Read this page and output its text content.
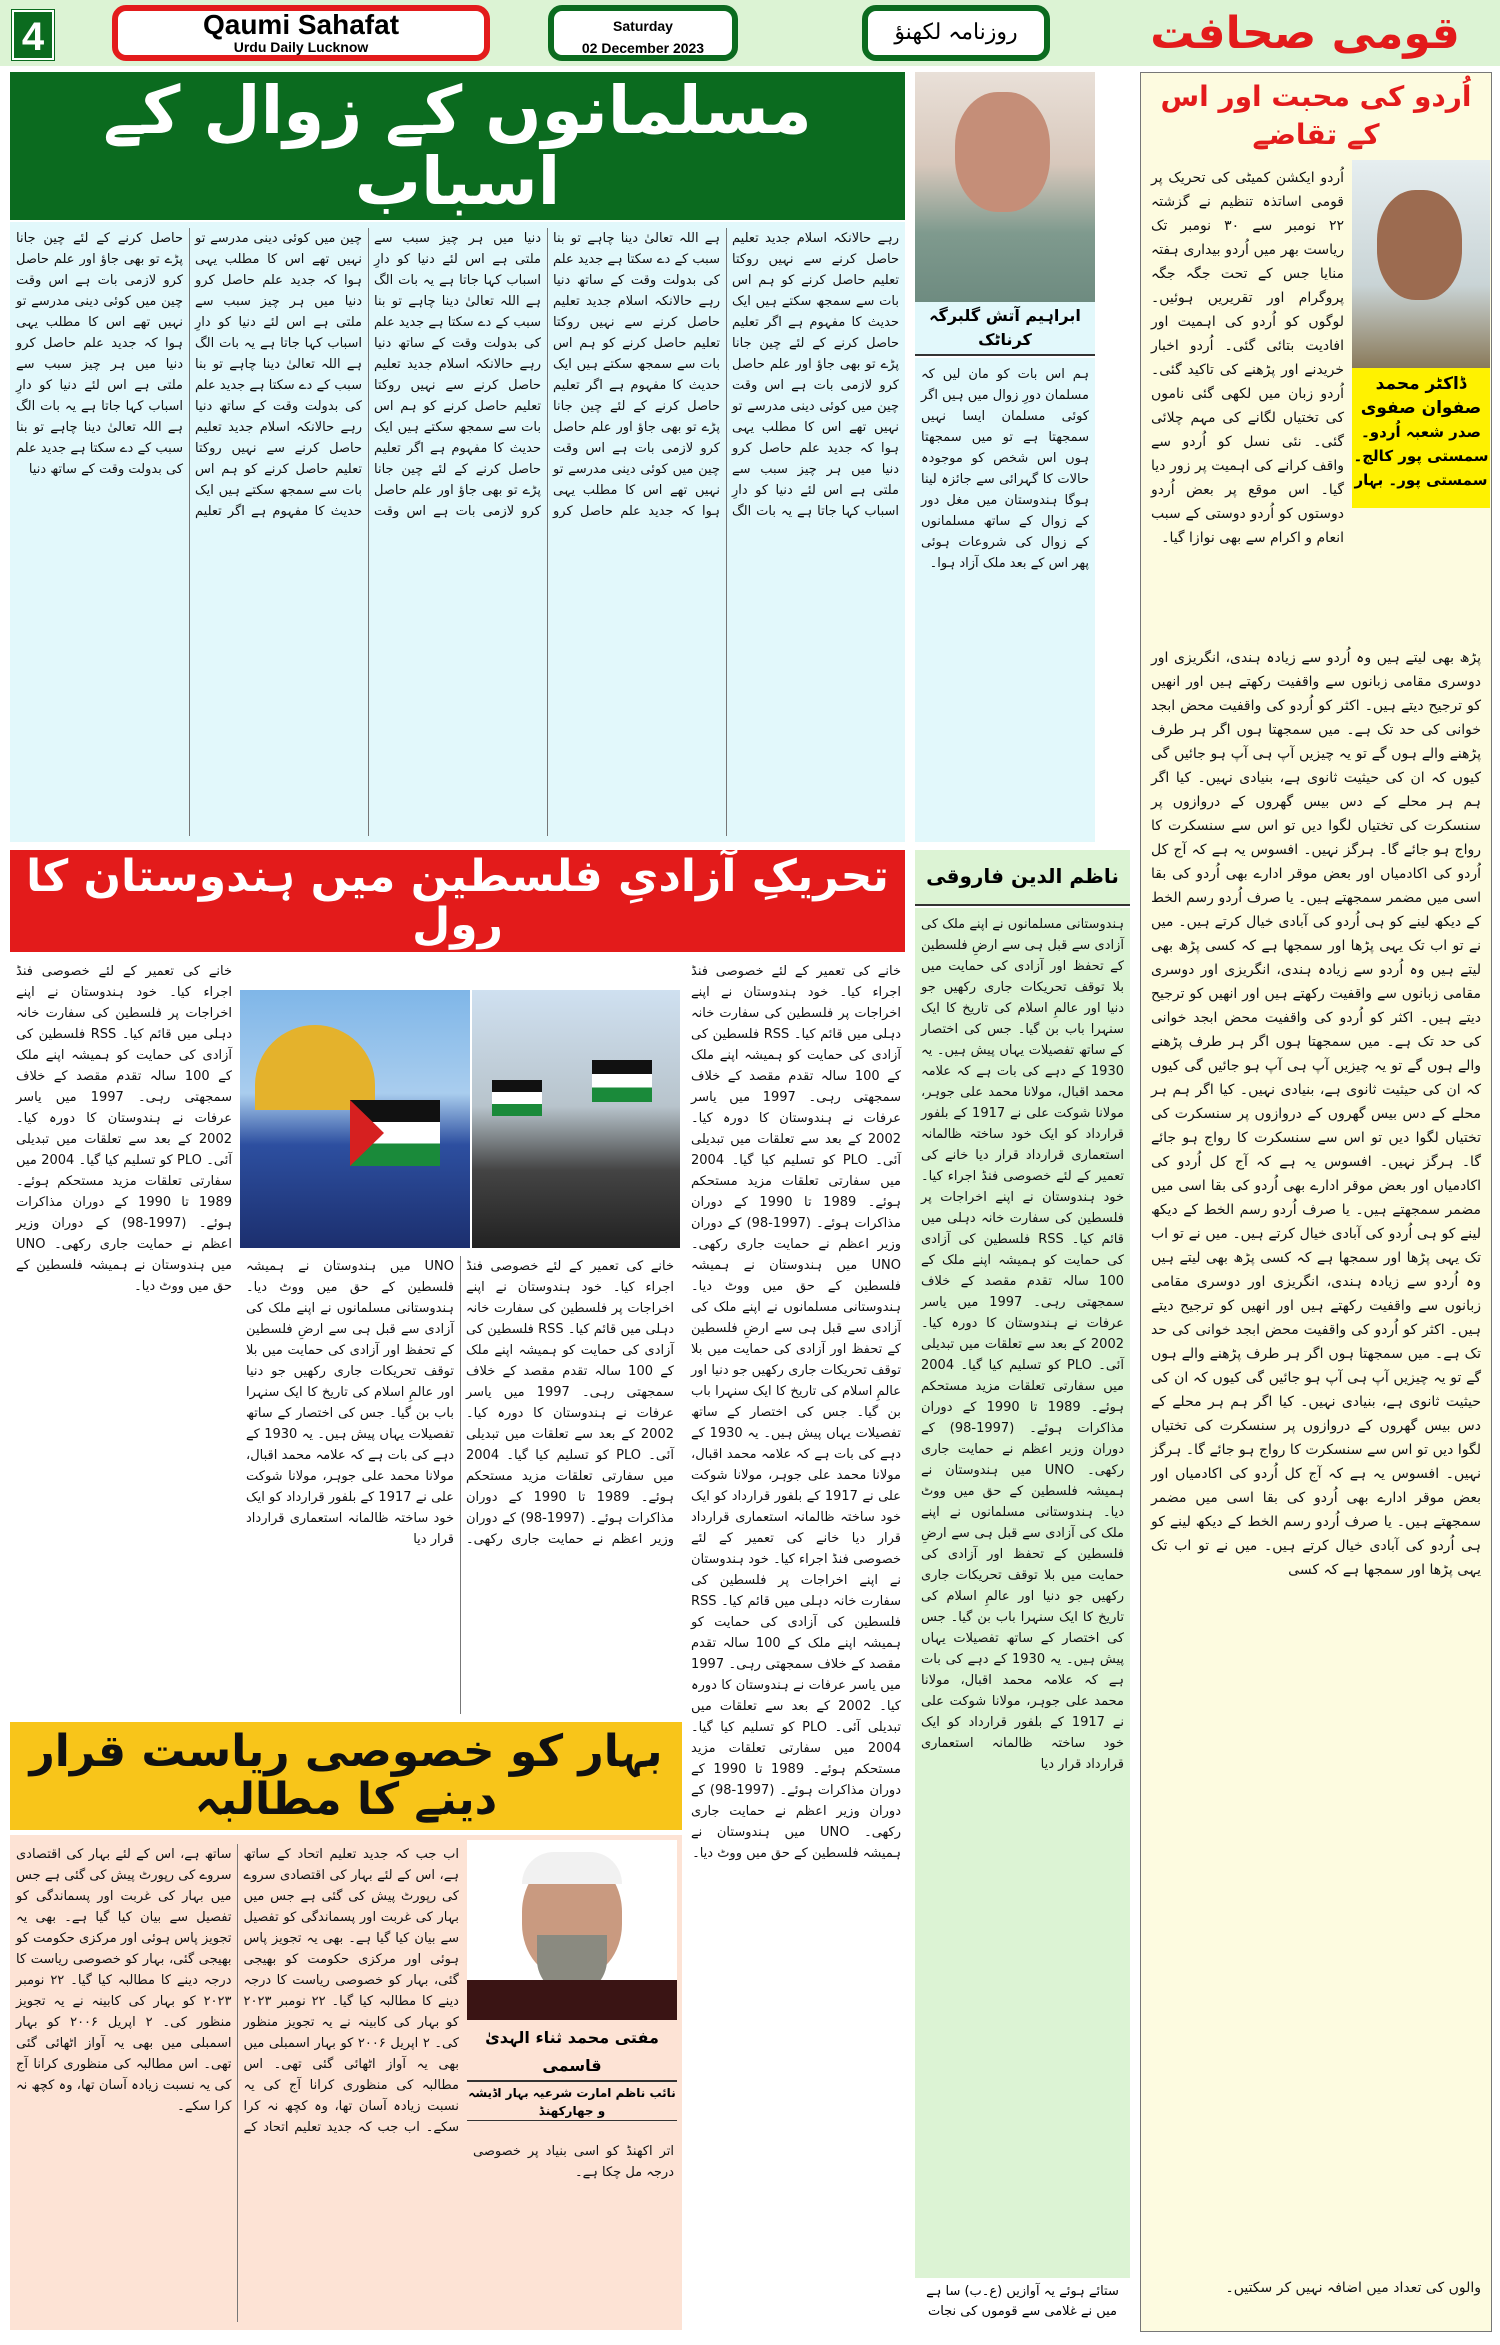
4	Qaumi Sahafat
Urdu Daily Lucknow
Saturday
02 December 2023
روزنامہ لکھنؤ	قومی صحافت
مسلمانوں کے زوال کے اسباب
رہے حالانکہ اسلام جدید تعلیم حاصل کرنے سے نہیں روکتا تعلیم حاصل کرنے کو ہم اس بات سے سمجھ سکتے ہیں ایک حدیث کا مفہوم ہے اگر تعلیم حاصل کرنے کے لئے چین جانا پڑے تو بھی جاؤ اور علم حاصل کرو لازمی بات ہے اس وقت چین میں کوئی دینی مدرسے تو نہیں تھے اس کا مطلب یہی ہوا کہ جدید علم حاصل کرو دنیا میں ہر چیز سبب سے ملتی ہے اس لئے دنیا کو دارِ اسباب کہا جاتا ہے یہ بات الگ ہے اللہ تعالیٰ دینا چاہے تو بنا سبب کے دے سکتا ہے جدید علم کی بدولت وقت کے ساتھ دنیا رہے حالانکہ اسلام جدید تعلیم حاصل کرنے سے نہیں روکتا تعلیم حاصل کرنے کو ہم اس بات سے سمجھ سکتے ہیں ایک حدیث کا مفہوم ہے اگر تعلیم حاصل کرنے کے لئے چین جانا پڑے تو بھی جاؤ اور علم حاصل کرو لازمی بات ہے اس وقت چین میں کوئی دینی مدرسے تو نہیں تھے اس کا مطلب یہی ہوا کہ جدید علم حاصل کرو دنیا میں ہر چیز سبب سے ملتی ہے اس لئے دنیا کو دارِ اسباب کہا جاتا ہے یہ بات الگ ہے اللہ تعالیٰ دینا چاہے تو بنا سبب کے دے سکتا ہے جدید علم کی بدولت وقت کے ساتھ دنیا رہے حالانکہ اسلام جدید تعلیم حاصل کرنے سے نہیں روکتا تعلیم حاصل کرنے کو ہم اس بات سے سمجھ سکتے ہیں ایک حدیث کا مفہوم ہے اگر تعلیم حاصل کرنے کے لئے چین جانا پڑے تو بھی جاؤ اور علم حاصل کرو لازمی بات ہے اس وقت چین میں کوئی دینی مدرسے تو نہیں تھے اس کا مطلب یہی ہوا کہ جدید علم حاصل کرو دنیا میں ہر چیز سبب سے ملتی ہے اس لئے دنیا کو دارِ اسباب کہا جاتا ہے یہ بات الگ ہے اللہ تعالیٰ دینا چاہے تو بنا سبب کے دے سکتا ہے جدید علم کی بدولت وقت کے ساتھ دنیا رہے حالانکہ اسلام جدید تعلیم حاصل کرنے سے نہیں روکتا تعلیم حاصل کرنے کو ہم اس بات سے سمجھ سکتے ہیں ایک حدیث کا مفہوم ہے اگر تعلیم حاصل کرنے کے لئے چین جانا پڑے تو بھی جاؤ اور علم حاصل کرو لازمی بات ہے اس وقت چین میں کوئی دینی مدرسے تو نہیں تھے اس کا مطلب یہی ہوا کہ جدید علم حاصل کرو دنیا میں ہر چیز سبب سے ملتی ہے اس لئے دنیا کو دارِ اسباب کہا جاتا ہے یہ بات الگ ہے اللہ تعالیٰ دینا چاہے تو بنا سبب کے دے سکتا ہے جدید علم کی بدولت وقت کے ساتھ دنیا
ابراہیم آتش گلبرگہ کرناٹک
ہم اس بات کو مان لیں کہ مسلمان دورِ زوال میں ہیں اگر کوئی مسلمان ایسا نہیں سمجھتا ہے تو میں سمجھتا ہوں اس شخص کو موجودہ حالات کا گہرائی سے جائزہ لینا ہوگا ہندوستان میں مغل دور کے زوال کے ساتھ مسلمانوں کے زوال کی شروعات ہوئی پھر اس کے بعد ملک آزاد ہوا۔
اُردو کی محبت اور اس کے تقاضے
ڈاکٹر محمد صفوان صفوی
صدر شعبہ اُردو۔ سمستی پور کالج۔ سمستی پور۔ بہار
اُردو ایکشن کمیٹی کی تحریک پر قومی اساتذہ تنظیم نے گزشتہ ۲۲ نومبر سے ۳۰ نومبر تک ریاست بھر میں اُردو بیداری ہفتہ منایا جس کے تحت جگہ جگہ پروگرام اور تقریریں ہوئیں۔ لوگوں کو اُردو کی اہمیت اور افادیت بتائی گئی۔ اُردو اخبار خریدنے اور پڑھنے کی تاکید گئی۔ اُردو زبان میں لکھی گئی ناموں کی تختیاں لگانے کی مہم چلائی گئی۔ نئی نسل کو اُردو سے واقف کرانے کی اہمیت پر زور دیا گیا۔ اس موقع پر بعض اُردو دوستوں کو اُردو دوستی کے سبب انعام و اکرام سے بھی نوازا گیا۔
پڑھ بھی لیتے ہیں وہ اُردو سے زیادہ ہندی، انگریزی اور دوسری مقامی زبانوں سے واقفیت رکھتے ہیں اور انھیں کو ترجیح دیتے ہیں۔ اکثر کو اُردو کی واقفیت محض ابجد خوانی کی حد تک ہے۔ میں سمجھتا ہوں اگر ہر طرف پڑھنے والے ہوں گے تو یہ چیزیں آپ ہی آپ ہو جائیں گی کیوں کہ ان کی حیثیت ثانوی ہے، بنیادی نہیں۔ کیا اگر ہم ہر محلے کے دس بیس گھروں کے دروازوں پر سنسکرت کی تختیاں لگوا دیں تو اس سے سنسکرت کا رواج ہو جائے گا۔ ہرگز نہیں۔ افسوس یہ ہے کہ آج کل اُردو کی اکادمیاں اور بعض موقر ادارے بھی اُردو کی بقا اسی میں مضمر سمجھتے ہیں۔ یا صرف اُردو رسم الخط کے دیکھ لینے کو ہی اُردو کی آبادی خیال کرتے ہیں۔ میں نے تو اب تک یہی پڑھا اور سمجھا ہے کہ کسی پڑھ بھی لیتے ہیں وہ اُردو سے زیادہ ہندی، انگریزی اور دوسری مقامی زبانوں سے واقفیت رکھتے ہیں اور انھیں کو ترجیح دیتے ہیں۔ اکثر کو اُردو کی واقفیت محض ابجد خوانی کی حد تک ہے۔ میں سمجھتا ہوں اگر ہر طرف پڑھنے والے ہوں گے تو یہ چیزیں آپ ہی آپ ہو جائیں گی کیوں کہ ان کی حیثیت ثانوی ہے، بنیادی نہیں۔ کیا اگر ہم ہر محلے کے دس بیس گھروں کے دروازوں پر سنسکرت کی تختیاں لگوا دیں تو اس سے سنسکرت کا رواج ہو جائے گا۔ ہرگز نہیں۔ افسوس یہ ہے کہ آج کل اُردو کی اکادمیاں اور بعض موقر ادارے بھی اُردو کی بقا اسی میں مضمر سمجھتے ہیں۔ یا صرف اُردو رسم الخط کے دیکھ لینے کو ہی اُردو کی آبادی خیال کرتے ہیں۔ میں نے تو اب تک یہی پڑھا اور سمجھا ہے کہ کسی پڑھ بھی لیتے ہیں وہ اُردو سے زیادہ ہندی، انگریزی اور دوسری مقامی زبانوں سے واقفیت رکھتے ہیں اور انھیں کو ترجیح دیتے ہیں۔ اکثر کو اُردو کی واقفیت محض ابجد خوانی کی حد تک ہے۔ میں سمجھتا ہوں اگر ہر طرف پڑھنے والے ہوں گے تو یہ چیزیں آپ ہی آپ ہو جائیں گی کیوں کہ ان کی حیثیت ثانوی ہے، بنیادی نہیں۔ کیا اگر ہم ہر محلے کے دس بیس گھروں کے دروازوں پر سنسکرت کی تختیاں لگوا دیں تو اس سے سنسکرت کا رواج ہو جائے گا۔ ہرگز نہیں۔ افسوس یہ ہے کہ آج کل اُردو کی اکادمیاں اور بعض موقر ادارے بھی اُردو کی بقا اسی میں مضمر سمجھتے ہیں۔ یا صرف اُردو رسم الخط کے دیکھ لینے کو ہی اُردو کی آبادی خیال کرتے ہیں۔ میں نے تو اب تک یہی پڑھا اور سمجھا ہے کہ کسی
والوں کی تعداد میں اضافہ نہیں کر سکتیں۔
تحریکِ آزادیِ فلسطین میں ہندوستان کا رول
ناظم الدین فاروقی
ہندوستانی مسلمانوں نے اپنے ملک کی آزادی سے قبل ہی سے ارضِ فلسطین کے تحفظ اور آزادی کی حمایت میں بلا توقف تحریکات جاری رکھیں جو دنیا اور عالمِ اسلام کی تاریخ کا ایک سنہرا باب بن گیا۔ جس کی اختصار کے ساتھ تفصیلات یہاں پیش ہیں۔ یہ 1930 کے دہے کی بات ہے کہ علامہ محمد اقبال، مولانا محمد علی جوہر، مولانا شوکت علی نے 1917 کے بلفور قرارداد کو ایک خود ساختہ ظالمانہ استعماری قرارداد قرار دیا خانے کی تعمیر کے لئے خصوصی فنڈ اجراء کیا۔ خود ہندوستان نے اپنے اخراجات پر فلسطین کی سفارت خانہ دہلی میں قائم کیا۔ RSS فلسطین کی آزادی کی حمایت کو ہمیشہ اپنے ملک کے 100 سالہ تقدم مقصد کے خلاف سمجھتی رہی۔ 1997 میں یاسر عرفات نے ہندوستان کا دورہ کیا۔ 2002 کے بعد سے تعلقات میں تبدیلی آئی۔ PLO کو تسلیم کیا گیا۔ 2004 میں سفارتی تعلقات مزید مستحکم ہوئے۔ 1989 تا 1990 کے دوران مذاکرات ہوئے۔ (1997-98) کے دوران وزیر اعظم نے حمایت جاری رکھی۔ UNO میں ہندوستان نے ہمیشہ فلسطین کے حق میں ووٹ دیا۔ ہندوستانی مسلمانوں نے اپنے ملک کی آزادی سے قبل ہی سے ارضِ فلسطین کے تحفظ اور آزادی کی حمایت میں بلا توقف تحریکات جاری رکھیں جو دنیا اور عالمِ اسلام کی تاریخ کا ایک سنہرا باب بن گیا۔ جس کی اختصار کے ساتھ تفصیلات یہاں پیش ہیں۔ یہ 1930 کے دہے کی بات ہے کہ علامہ محمد اقبال، مولانا محمد علی جوہر، مولانا شوکت علی نے 1917 کے بلفور قرارداد کو ایک خود ساختہ ظالمانہ استعماری قرارداد قرار دیا
خانے کی تعمیر کے لئے خصوصی فنڈ اجراء کیا۔ خود ہندوستان نے اپنے اخراجات پر فلسطین کی سفارت خانہ دہلی میں قائم کیا۔ RSS فلسطین کی آزادی کی حمایت کو ہمیشہ اپنے ملک کے 100 سالہ تقدم مقصد کے خلاف سمجھتی رہی۔ 1997 میں یاسر عرفات نے ہندوستان کا دورہ کیا۔ 2002 کے بعد سے تعلقات میں تبدیلی آئی۔ PLO کو تسلیم کیا گیا۔ 2004 میں سفارتی تعلقات مزید مستحکم ہوئے۔ 1989 تا 1990 کے دوران مذاکرات ہوئے۔ (1997-98) کے دوران وزیر اعظم نے حمایت جاری رکھی۔ UNO میں ہندوستان نے ہمیشہ فلسطین کے حق میں ووٹ دیا۔
خانے کی تعمیر کے لئے خصوصی فنڈ اجراء کیا۔ خود ہندوستان نے اپنے اخراجات پر فلسطین کی سفارت خانہ دہلی میں قائم کیا۔ RSS فلسطین کی آزادی کی حمایت کو ہمیشہ اپنے ملک کے 100 سالہ تقدم مقصد کے خلاف سمجھتی رہی۔ 1997 میں یاسر عرفات نے ہندوستان کا دورہ کیا۔ 2002 کے بعد سے تعلقات میں تبدیلی آئی۔ PLO کو تسلیم کیا گیا۔ 2004 میں سفارتی تعلقات مزید مستحکم ہوئے۔ 1989 تا 1990 کے دوران مذاکرات ہوئے۔ (1997-98) کے دوران وزیر اعظم نے حمایت جاری رکھی۔ UNO میں ہندوستان نے ہمیشہ فلسطین کے حق میں ووٹ دیا۔ ہندوستانی مسلمانوں نے اپنے ملک کی آزادی سے قبل ہی سے ارضِ فلسطین کے تحفظ اور آزادی کی حمایت میں بلا توقف تحریکات جاری رکھیں جو دنیا اور عالمِ اسلام کی تاریخ کا ایک سنہرا باب بن گیا۔ جس کی اختصار کے ساتھ تفصیلات یہاں پیش ہیں۔ یہ 1930 کے دہے کی بات ہے کہ علامہ محمد اقبال، مولانا محمد علی جوہر، مولانا شوکت علی نے 1917 کے بلفور قرارداد کو ایک خود ساختہ ظالمانہ استعماری قرارداد قرار دیا خانے کی تعمیر کے لئے خصوصی فنڈ اجراء کیا۔ خود ہندوستان نے اپنے اخراجات پر فلسطین کی سفارت خانہ دہلی میں قائم کیا۔ RSS فلسطین کی آزادی کی حمایت کو ہمیشہ اپنے ملک کے 100 سالہ تقدم مقصد کے خلاف سمجھتی رہی۔ 1997 میں یاسر عرفات نے ہندوستان کا دورہ کیا۔ 2002 کے بعد سے تعلقات میں تبدیلی آئی۔ PLO کو تسلیم کیا گیا۔ 2004 میں سفارتی تعلقات مزید مستحکم ہوئے۔ 1989 تا 1990 کے دوران مذاکرات ہوئے۔ (1997-98) کے دوران وزیر اعظم نے حمایت جاری رکھی۔ UNO میں ہندوستان نے ہمیشہ فلسطین کے حق میں ووٹ دیا۔
خانے کی تعمیر کے لئے خصوصی فنڈ اجراء کیا۔ خود ہندوستان نے اپنے اخراجات پر فلسطین کی سفارت خانہ دہلی میں قائم کیا۔ RSS فلسطین کی آزادی کی حمایت کو ہمیشہ اپنے ملک کے 100 سالہ تقدم مقصد کے خلاف سمجھتی رہی۔ 1997 میں یاسر عرفات نے ہندوستان کا دورہ کیا۔ 2002 کے بعد سے تعلقات میں تبدیلی آئی۔ PLO کو تسلیم کیا گیا۔ 2004 میں سفارتی تعلقات مزید مستحکم ہوئے۔ 1989 تا 1990 کے دوران مذاکرات ہوئے۔ (1997-98) کے دوران وزیر اعظم نے حمایت جاری رکھی۔ UNO میں ہندوستان نے ہمیشہ فلسطین کے حق میں ووٹ دیا۔ ہندوستانی مسلمانوں نے اپنے ملک کی آزادی سے قبل ہی سے ارضِ فلسطین کے تحفظ اور آزادی کی حمایت میں بلا توقف تحریکات جاری رکھیں جو دنیا اور عالمِ اسلام کی تاریخ کا ایک سنہرا باب بن گیا۔ جس کی اختصار کے ساتھ تفصیلات یہاں پیش ہیں۔ یہ 1930 کے دہے کی بات ہے کہ علامہ محمد اقبال، مولانا محمد علی جوہر، مولانا شوکت علی نے 1917 کے بلفور قرارداد کو ایک خود ساختہ ظالمانہ استعماری قرارداد قرار دیا
ستائے ہوئے یہ آوازیں (ع۔ب) سا ہے میں نے غلامی سے قوموں کی نجات
بہار کو خصوصی ریاست قرار دینے کا مطالبہ
مفتی محمد ثناء الہدیٰ قاسمی
نائب ناظم امارت شرعیہ بہار اڈیشہ و جھارکھنڈ
اب جب کہ جدید تعلیم اتحاد کے ساتھ ہے، اس کے لئے بہار کی اقتصادی سروے کی رپورٹ پیش کی گئی ہے جس میں بہار کی غربت اور پسماندگی کو تفصیل سے بیان کیا گیا ہے۔ بھی یہ تجویز پاس ہوئی اور مرکزی حکومت کو بھیجی گئی، بہار کو خصوصی ریاست کا درجہ دینے کا مطالبہ کیا گیا۔ ۲۲ نومبر ۲۰۲۳ کو بہار کی کابینہ نے یہ تجویز منظور کی۔ ۲ اپریل ۲۰۰۶ کو بہار اسمبلی میں بھی یہ آواز اٹھائی گئی تھی۔ اس مطالبہ کی منظوری کرانا آج کی یہ نسبت زیادہ آسان تھا، وہ کچھ نہ کرا سکے۔ اب جب کہ جدید تعلیم اتحاد کے ساتھ ہے، اس کے لئے بہار کی اقتصادی سروے کی رپورٹ پیش کی گئی ہے جس میں بہار کی غربت اور پسماندگی کو تفصیل سے بیان کیا گیا ہے۔ بھی یہ تجویز پاس ہوئی اور مرکزی حکومت کو بھیجی گئی، بہار کو خصوصی ریاست کا درجہ دینے کا مطالبہ کیا گیا۔ ۲۲ نومبر ۲۰۲۳ کو بہار کی کابینہ نے یہ تجویز منظور کی۔ ۲ اپریل ۲۰۰۶ کو بہار اسمبلی میں بھی یہ آواز اٹھائی گئی تھی۔ اس مطالبہ کی منظوری کرانا آج کی یہ نسبت زیادہ آسان تھا، وہ کچھ نہ کرا سکے۔
اتر اکھنڈ کو اسی بنیاد پر خصوصی درجہ مل چکا ہے۔
